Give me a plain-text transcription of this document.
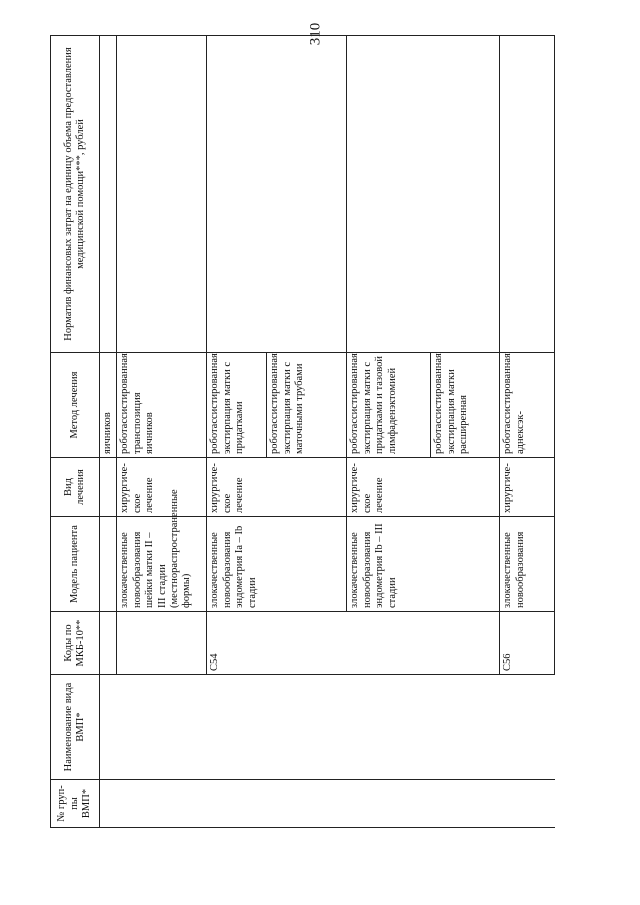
310
№ груп-пы ВМП*	Наименование вида ВМП*	Коды по МКБ-10**	Модель пациента	Вид лечения	Метод лечения	Норматив финансовых затрат на единицу объема предоставления медицинской помощи***, рублей
					яичников	
			злокачественные новообразования шейки матки II – III стадии (местнораспространенные формы)	хирургиче-ское лечение	роботассистированная транспозиция яичников	
		C54	злокачественные новообразования эндометрия Ia – Ib стадии	хирургиче-ское лечение	роботассистированная экстирпация матки с придатками	
					роботассистированная экстирпация матки с маточными трубами	
			злокачественные новообразования эндометрия Ib – III стадии	хирургиче-ское лечение	роботассистированная экстирпация матки с придатками и тазовой лимфаденэктомией	
					роботассистированная экстирпация матки расширенная	
		C56	злокачественные новообразования	хирургиче-	роботассистированная аднексэк-	
